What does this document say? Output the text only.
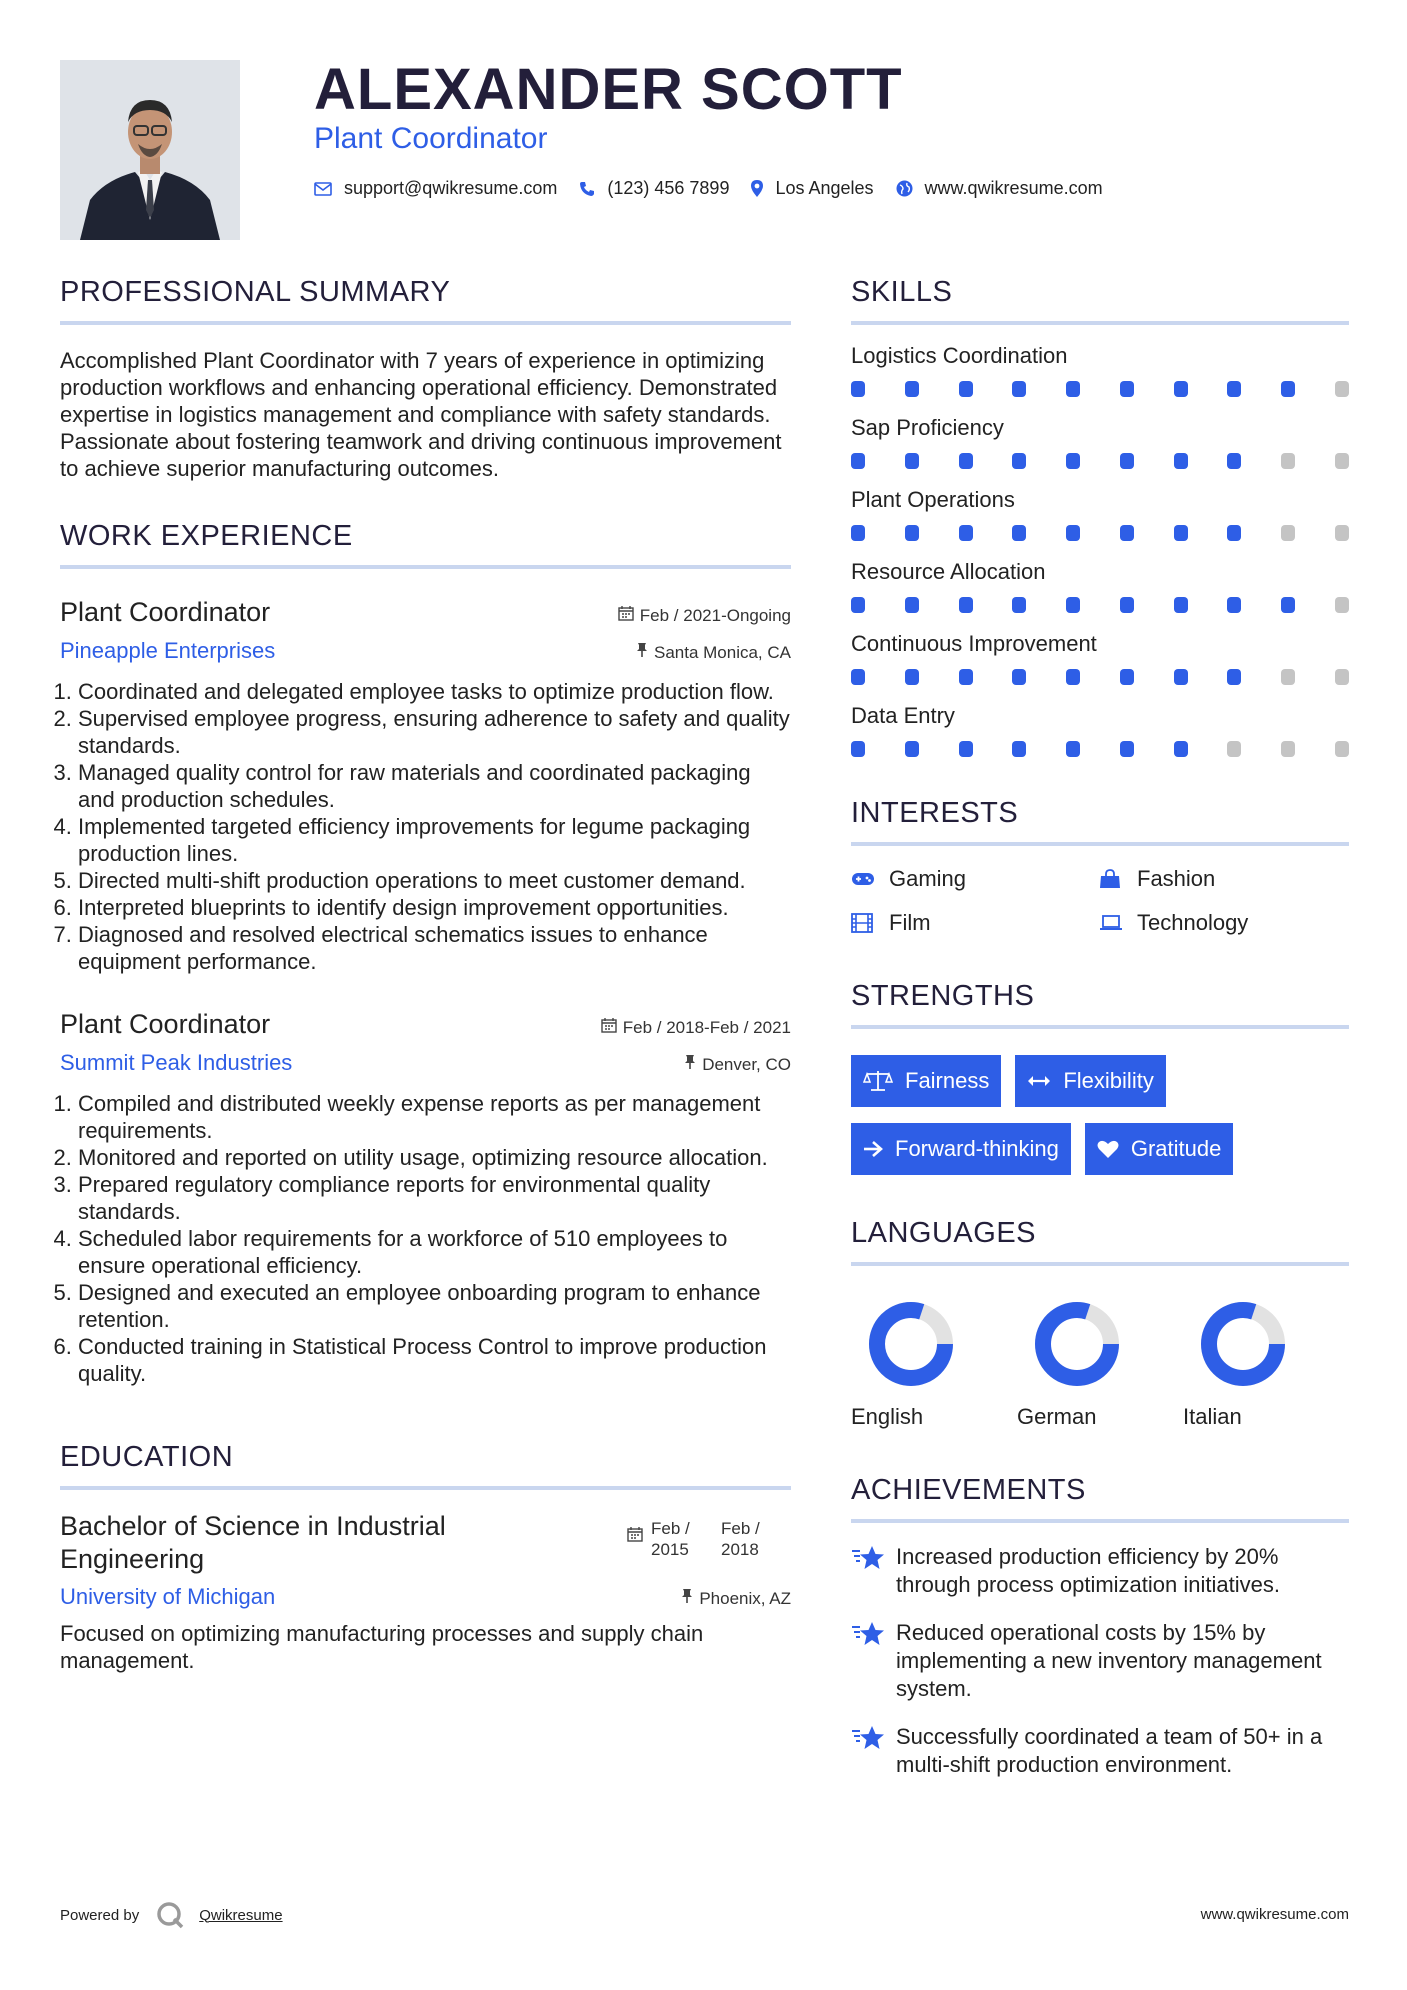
ALEXANDER SCOTT
Plant Coordinator
support@qwikresume.com	(123) 456 7899	Los Angeles	www.qwikresume.com
PROFESSIONAL SUMMARY

Accomplished Plant Coordinator with 7 years of experience in optimizing production workflows and enhancing operational efficiency. Demonstrated expertise in logistics management and compliance with safety standards. Passionate about fostering teamwork and driving continuous improvement to achieve superior manufacturing outcomes.

WORK EXPERIENCE
Plant Coordinator	Feb / 2021-Ongoing
Pineapple Enterprises	Santa Monica, CA
1. Coordinated and delegated employee tasks to optimize production flow.
2. Supervised employee progress, ensuring adherence to safety and quality standards.
3. Managed quality control for raw materials and coordinated packaging and production schedules.
4. Implemented targeted efficiency improvements for legume packaging production lines.
5. Directed multi-shift production operations to meet customer demand.
6. Interpreted blueprints to identify design improvement opportunities.
7. Diagnosed and resolved electrical schematics issues to enhance equipment performance.
Plant Coordinator	Feb / 2018-Feb / 2021
Summit Peak Industries	Denver, CO
1. Compiled and distributed weekly expense reports as per management requirements.
2. Monitored and reported on utility usage, optimizing resource allocation.
3. Prepared regulatory compliance reports for environmental quality standards.
4. Scheduled labor requirements for a workforce of 510 employees to ensure operational efficiency.
5. Designed and executed an employee onboarding program to enhance retention.
6. Conducted training in Statistical Process Control to improve production quality.
EDUCATION
Bachelor of Science in Industrial Engineering
Feb / 2015
Feb / 2018
University of Michigan	Phoenix, AZ

Focused on optimizing manufacturing processes and supply chain management.

SKILLS
Logistics Coordination
Sap Proficiency
Plant Operations
Resource Allocation
Continuous Improvement
Data Entry
INTERESTS
Gaming	Fashion
Film	Technology
STRENGTHS
Fairness	Flexibility
Forward-thinking	Gratitude
LANGUAGES
English	German	Italian
ACHIEVEMENTS
Increased production efficiency by 20% through process optimization initiatives.
Reduced operational costs by 15% by implementing a new inventory management system.
Successfully coordinated a team of 50+ in a multi-shift production environment.
Powered by	Qwikresume	www.qwikresume.com
